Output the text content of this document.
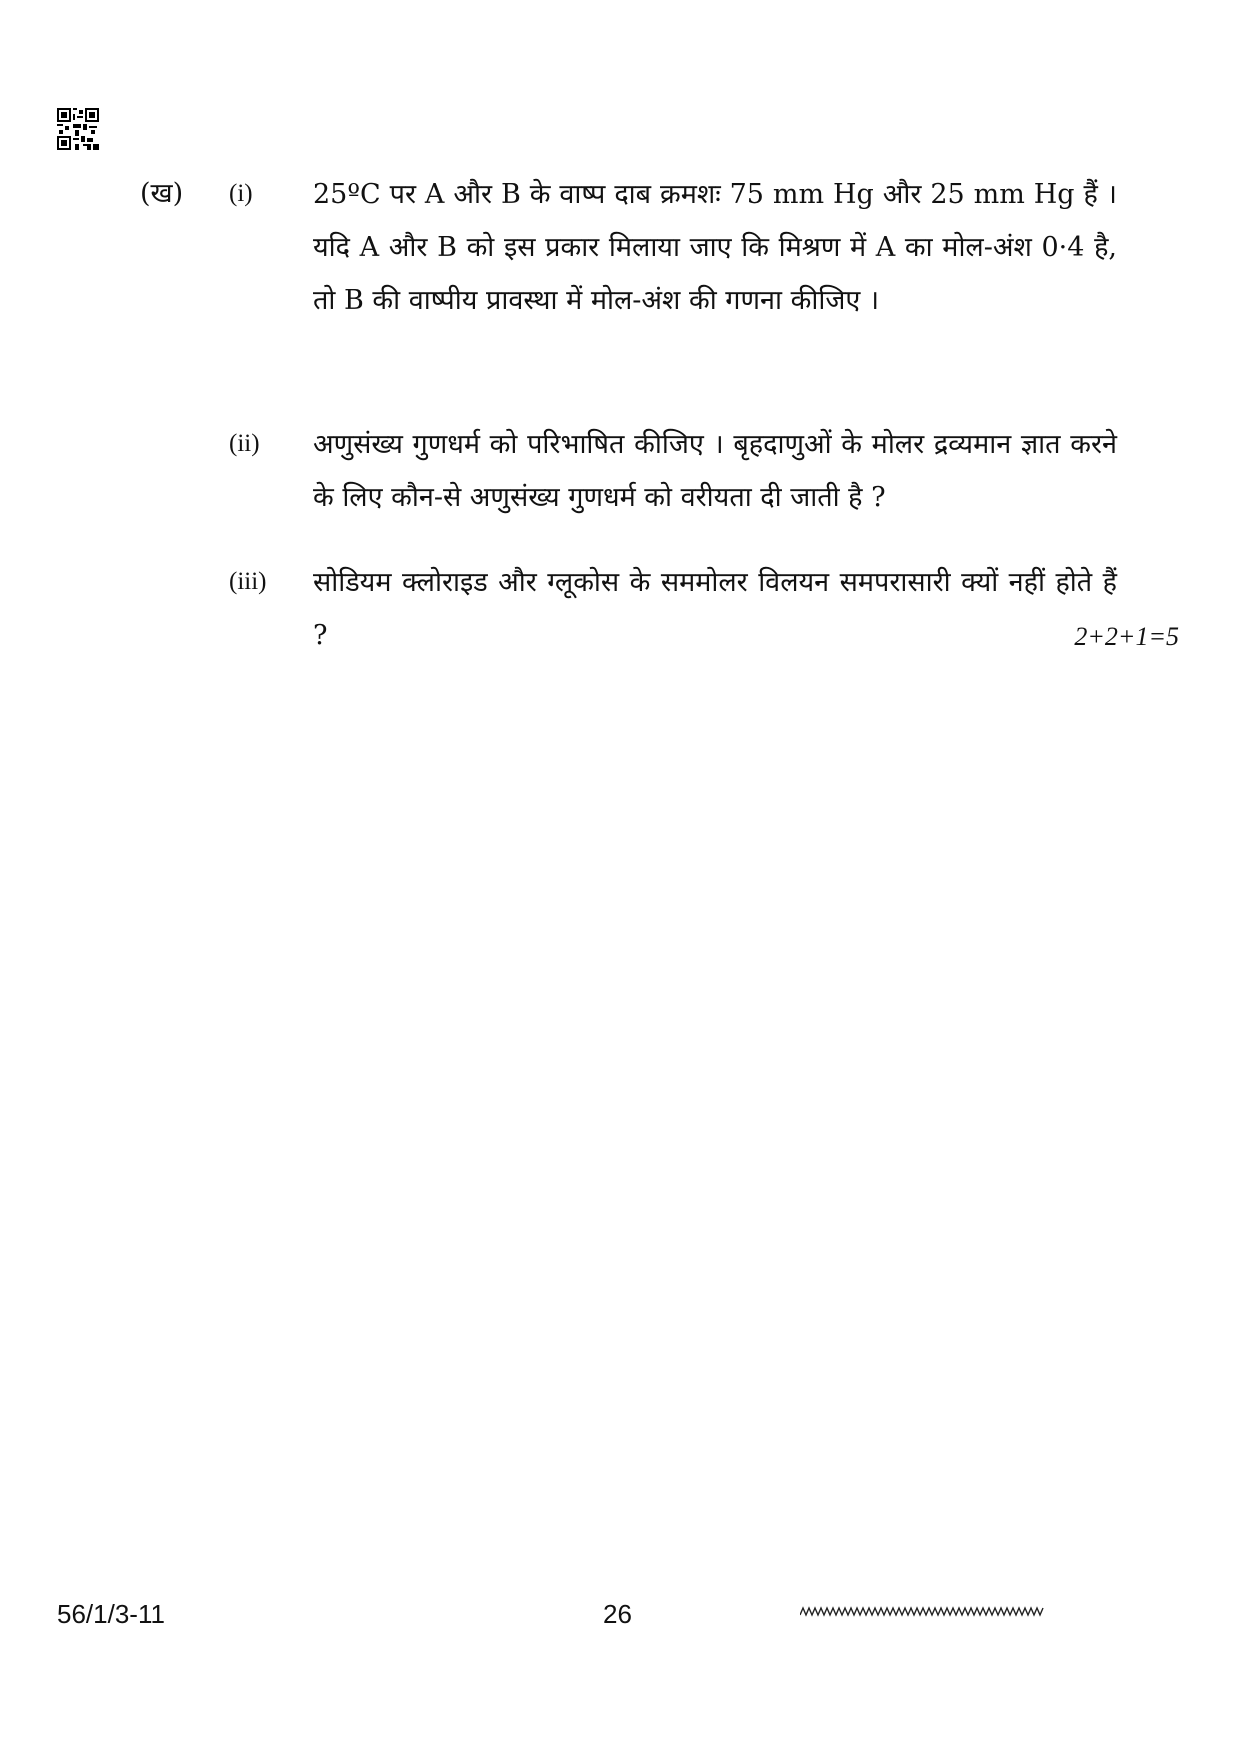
(ख) (i) 25ºC पर A और B के वाष्प दाब क्रमशः 75 mm Hg और 25 mm Hg हैं । यदि A और B को इस प्रकार मिलाया जाए कि मिश्रण में A का मोल-अंश 0·4 है, तो B की वाष्पीय प्रावस्था में मोल-अंश की गणना कीजिए ।
(ii) अणुसंख्य गुणधर्म को परिभाषित कीजिए । बृहदाणुओं के मोलर द्रव्यमान ज्ञात करने के लिए कौन-से अणुसंख्य गुणधर्म को वरीयता दी जाती है ?
(iii) सोडियम क्लोराइड और ग्लूकोस के सममोलर विलयन समपरासारी क्यों नहीं होते हैं ?	2+2+1=5
56/1/3-11	26
